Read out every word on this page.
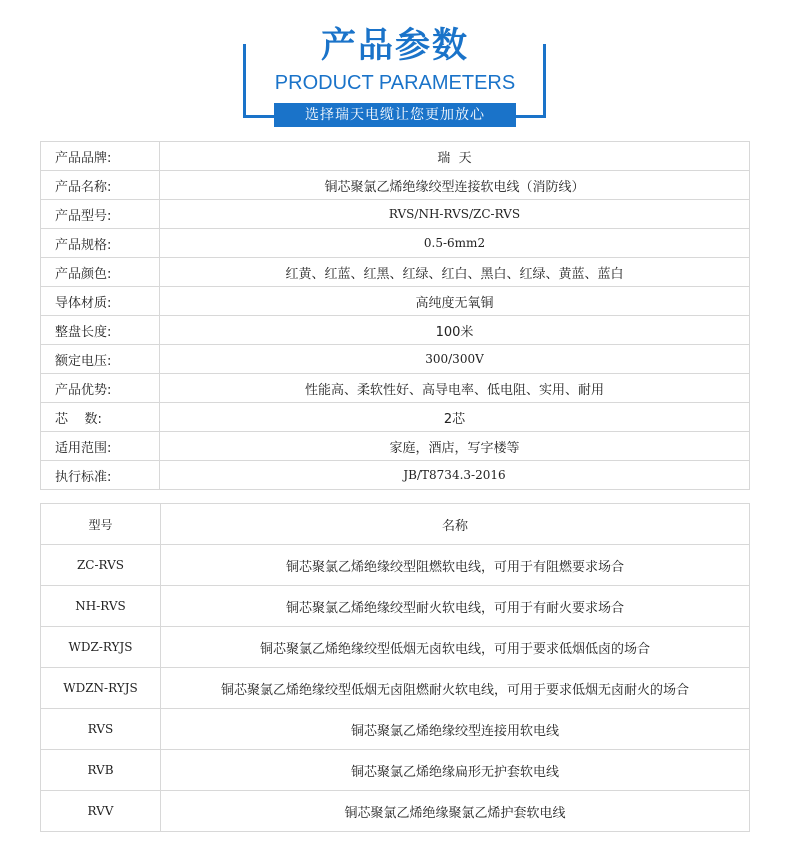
产品参数
PRODUCT PARAMETERS
选择瑞天电缆让您更加放心
产品品牌:	瑞  天
产品名称:	铜芯聚氯乙烯绝缘绞型连接软电线（消防线）
产品型号:	RVS/NH-RVS/ZC-RVS
产品规格:	0.5-6mm2
产品颜色:	红黄、红蓝、红黑、红绿、红白、黑白、红绿、黄蓝、蓝白
导体材质:	高纯度无氧铜
整盘长度:	100米
额定电压:	300/300V
产品优势:	性能高、柔软性好、高导电率、低电阻、实用、耐用
芯    数:	2芯
适用范围:	家庭，酒店，写字楼等
执行标准:	JB/T8734.3-2016
型号	名称
ZC-RVS	铜芯聚氯乙烯绝缘绞型阻燃软电线，可用于有阻燃要求场合
NH-RVS	铜芯聚氯乙烯绝缘绞型耐火软电线，可用于有耐火要求场合
WDZ-RYJS	铜芯聚氯乙烯绝缘绞型低烟无卤软电线，可用于要求低烟低卤的场合
WDZN-RYJS	铜芯聚氯乙烯绝缘绞型低烟无卤阻燃耐火软电线，可用于要求低烟无卤耐火的场合
RVS	铜芯聚氯乙烯绝缘绞型连接用软电线
RVB	铜芯聚氯乙烯绝缘扁形无护套软电线
RVV	铜芯聚氯乙烯绝缘聚氯乙烯护套软电线
